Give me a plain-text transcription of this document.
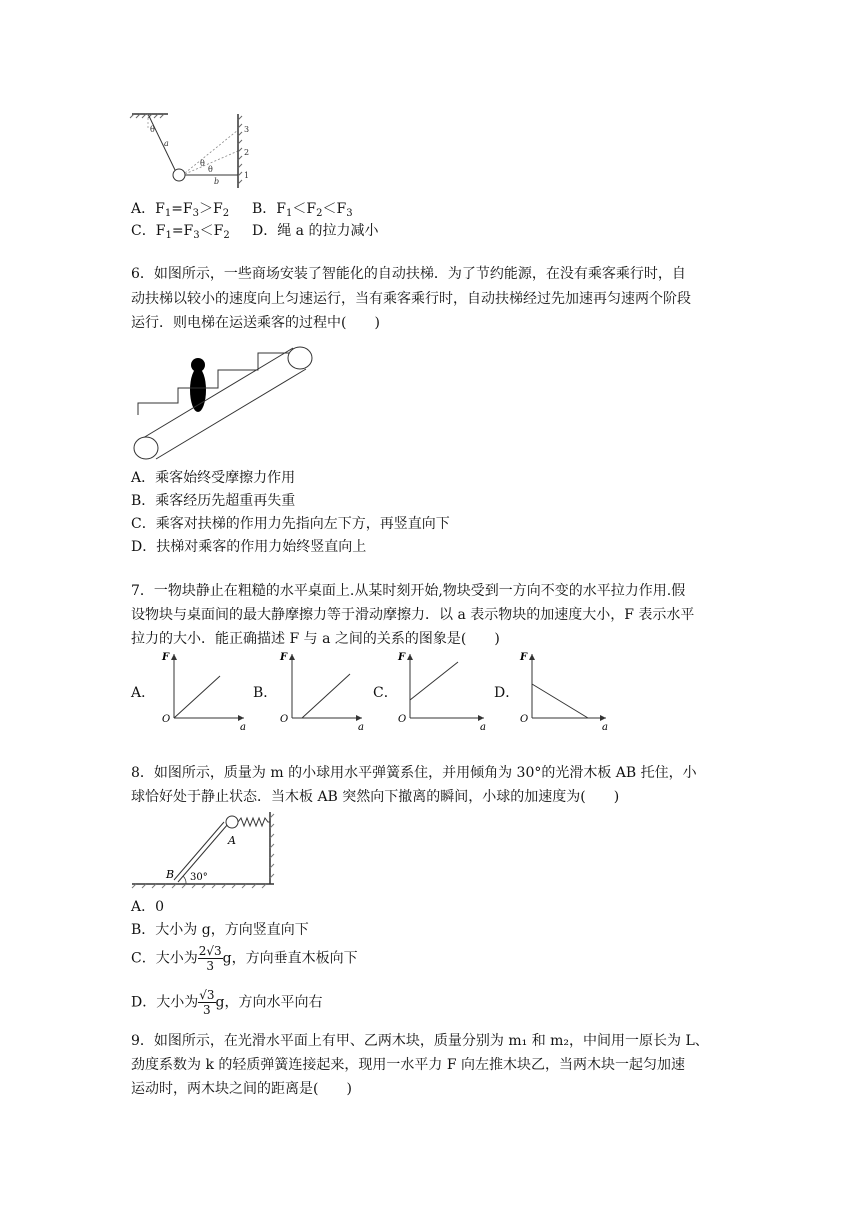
θ
a
θ
θ
b
3
2
1
A．$F_1=F_3>F_2$ B．$F_1<F_2<F_3$
C．$F_1=F_3<F_2$ D．绳 a 的拉力减小
6．如图所示，一些商场安装了智能化的自动扶梯．为了节约能源，在没有乘客乘行时，自
动扶梯以较小的速度向上匀速运行，当有乘客乘行时，自动扶梯经过先加速再匀速两个阶段
运行．则电梯在运送乘客的过程中(　　)
A．乘客始终受摩擦力作用
B．乘客经历先超重再失重
C．乘客对扶梯的作用力先指向左下方，再竖直向下
D．扶梯对乘客的作用力始终竖直向上
7．一物块静止在粗糙的水平桌面上.从某时刻开始,物块受到一方向不变的水平拉力作用.假
设物块与桌面间的最大静摩擦力等于滑动摩擦力．以 a 表示物块的加速度大小，F 表示水平
拉力的大小．能正确描述 F 与 a 之间的关系的图象是(　　)
A．
F
O
a
B．
F
O
a
C．
F
O
a
D．
F
O
a
8．如图所示，质量为 m 的小球用水平弹簧系住，并用倾角为 30°的光滑木板 AB 托住，小
球恰好处于静止状态．当木板 AB 突然向下撤离的瞬间，小球的加速度为(　　)
A
B 30°
A．0
B．大小为 g，方向竖直向下
C．大小为 $\frac{2√3}{3}$ g，方向垂直木板向下
D．大小为 $\frac{√3}{3}$ g，方向水平向右
9．如图所示，在光滑水平面上有甲、乙两木块，质量分别为 m₁ 和 m₂，中间用一原长为 L、
劲度系数为 k 的轻质弹簧连接起来，现用一水平力 F 向左推木块乙，当两木块一起匀加速
运动时，两木块之间的距离是(　　)
